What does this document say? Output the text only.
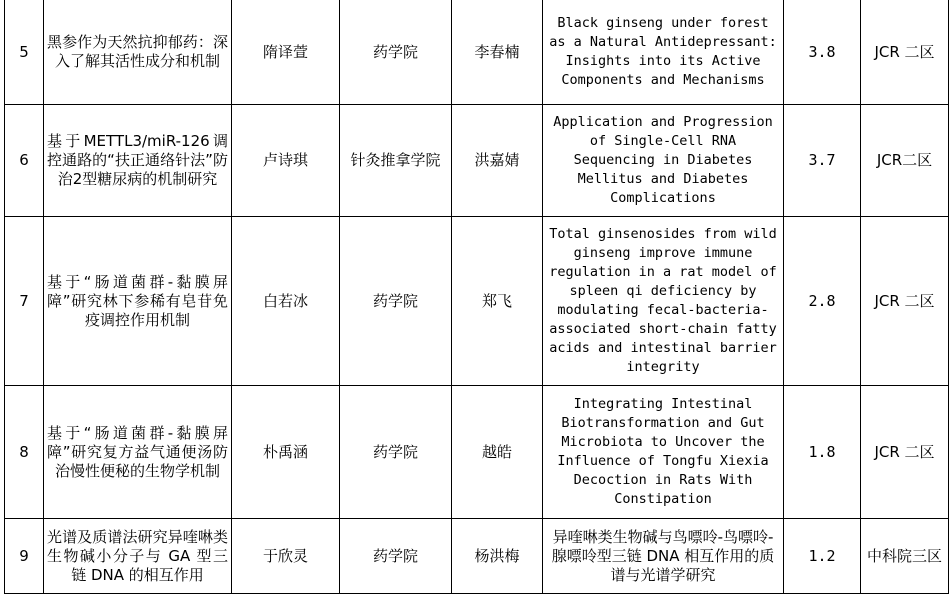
5	黑参作为天然抗抑郁药：深入了解其活性成分和机制	隋译萱	药学院	李春楠	Black ginseng under forest as a Natural Antidepressant: Insights into its Active Components and Mechanisms	3.8	JCR 二区
6	基于METTL3/miR-126调控通路的“扶正通络针法”防治2型糖尿病的机制研究	卢诗琪	针灸推拿学院	洪嘉婧	Application and Progression of Single-Cell RNA Sequencing in Diabetes Mellitus and Diabetes Complications	3.7	JCR二区
7	基于“肠道菌群-黏膜屏障”研究林下参稀有皂苷免疫调控作用机制	白若冰	药学院	郑飞	Total ginsenosides from wild ginseng improve immune regulation in a rat model of spleen qi deficiency by modulating fecal-bacteria-associated short-chain fatty acids and intestinal barrier integrity	2.8	JCR 二区
8	基于“肠道菌群-黏膜屏障”研究复方益气通便汤防治慢性便秘的生物学机制	朴禹涵	药学院	越皓	Integrating Intestinal Biotransformation and Gut Microbiota to Uncover the Influence of Tongfu Xiexia Decoction in Rats With Constipation	1.8	JCR 二区
9	光谱及质谱法研究异喹啉类生物碱小分子与 GA 型三链 DNA 的相互作用	于欣灵	药学院	杨洪梅	异喹啉类生物碱与鸟嘌呤-鸟嘌呤-腺嘌呤型三链 DNA 相互作用的质谱与光谱学研究	1.2	中科院三区
